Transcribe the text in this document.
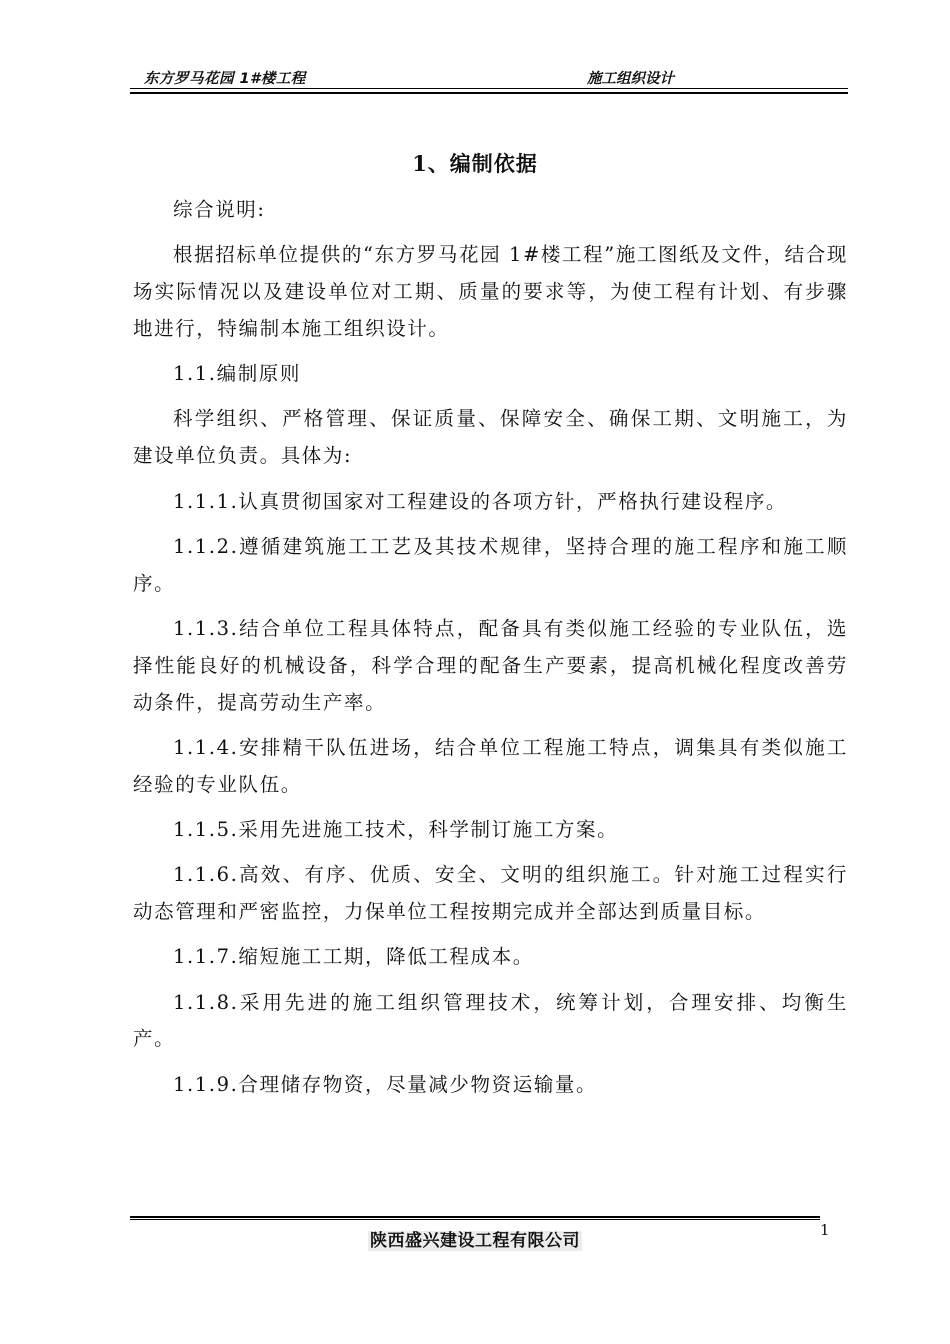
东方罗马花园 1#楼工程	施工组织设计
1、编制依据

综合说明:

根据招标单位提供的“东方罗马花园 1#楼工程”施工图纸及文件，结合现场实际情况以及建设单位对工期、质量的要求等，为使工程有计划、有步骤地进行，特编制本施工组织设计。

1.1.编制原则

科学组织、严格管理、保证质量、保障安全、确保工期、文明施工，为建设单位负责。具体为:

1.1.1.认真贯彻国家对工程建设的各项方针，严格执行建设程序。

1.1.2.遵循建筑施工工艺及其技术规律，坚持合理的施工程序和施工顺序。

1.1.3.结合单位工程具体特点，配备具有类似施工经验的专业队伍，选择性能良好的机械设备，科学合理的配备生产要素，提高机械化程度改善劳动条件，提高劳动生产率。

1.1.4.安排精干队伍进场，结合单位工程施工特点，调集具有类似施工经验的专业队伍。

1.1.5.采用先进施工技术，科学制订施工方案。

1.1.6.高效、有序、优质、安全、文明的组织施工。针对施工过程实行动态管理和严密监控，力保单位工程按期完成并全部达到质量目标。

1.1.7.缩短施工工期，降低工程成本。

1.1.8.采用先进的施工组织管理技术，统筹计划，合理安排、均衡生产。

1.1.9.合理储存物资，尽量减少物资运输量。

1
陕西盛兴建设工程有限公司
